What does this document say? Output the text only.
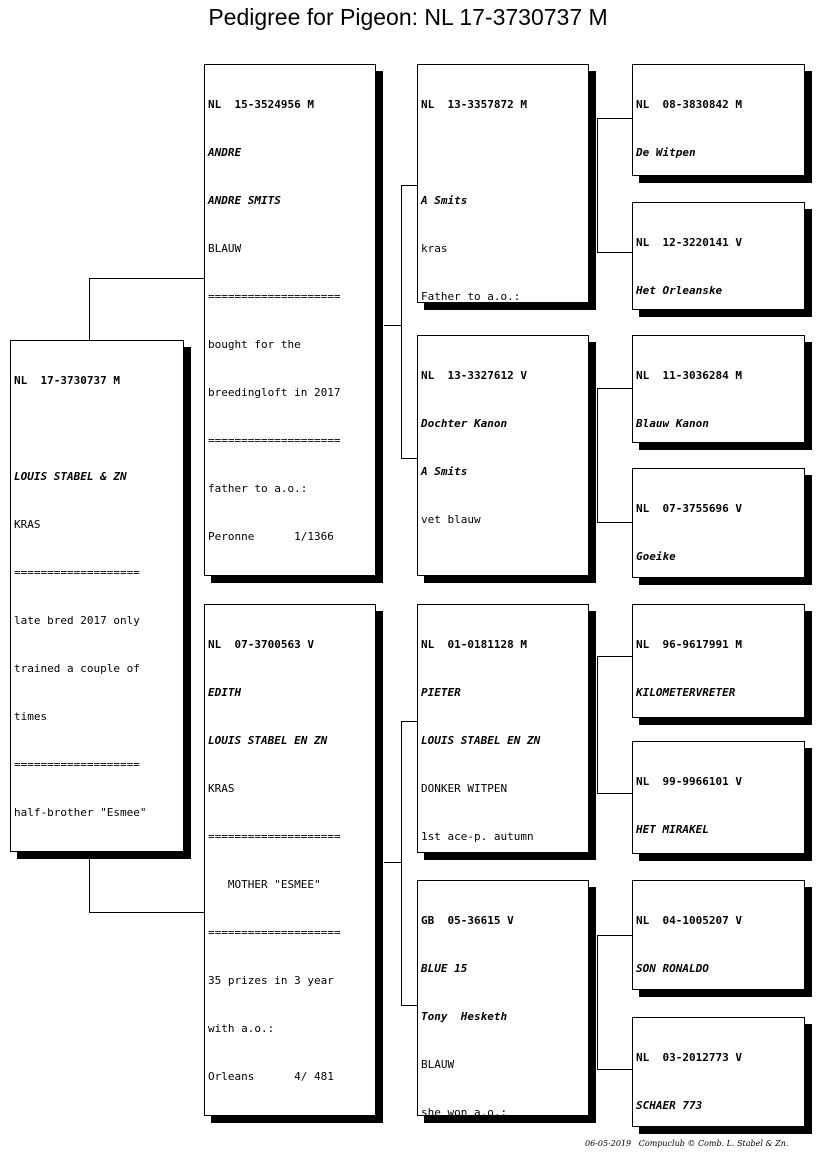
Pedigree for Pigeon: NL 17-3730737 M

NL  17-3730737 M

LOUIS STABEL & ZN

KRAS

===================

late bred 2017 only

trained a couple of

times

===================

half-brother "Esmee"

NL  15-3524956 M

ANDRE

ANDRE SMITS

BLAUW

====================

bought for the

breedingloft in 2017

====================

father to a.o.:

Peronne      1/1366

NL  07-3700563 V

EDITH

LOUIS STABEL EN ZN

KRAS

====================

MOTHER "ESMEE"

====================

35 prizes in 3 year

with a.o.:

Orleans      4/ 481

NL  13-3357872 M

A Smits

kras

Father to a.o.:

NL  13-3327612 V

Dochter Kanon

A Smits

vet blauw

NL  01-0181128 M

PIETER

LOUIS STABEL EN ZN

DONKER WITPEN

1st ace-p. autumn

GB  05-36615 V

BLUE 15

Tony  Hesketh

BLAUW

she won a.o.:

NL  08-3830842 M

De Witpen

NL  12-3220141 V

Het Orleanske

NL  11-3036284 M

Blauw Kanon

NL  07-3755696 V

Goeike

NL  96-9617991 M

KILOMETERVRETER

NL  99-9966101 V

HET MIRAKEL

NL  04-1005207 V

SON RONALDO

NL  03-2012773 V

SCHAER 773

06-05-2019   Compuclub © Comb. L. Stabel & Zn.
